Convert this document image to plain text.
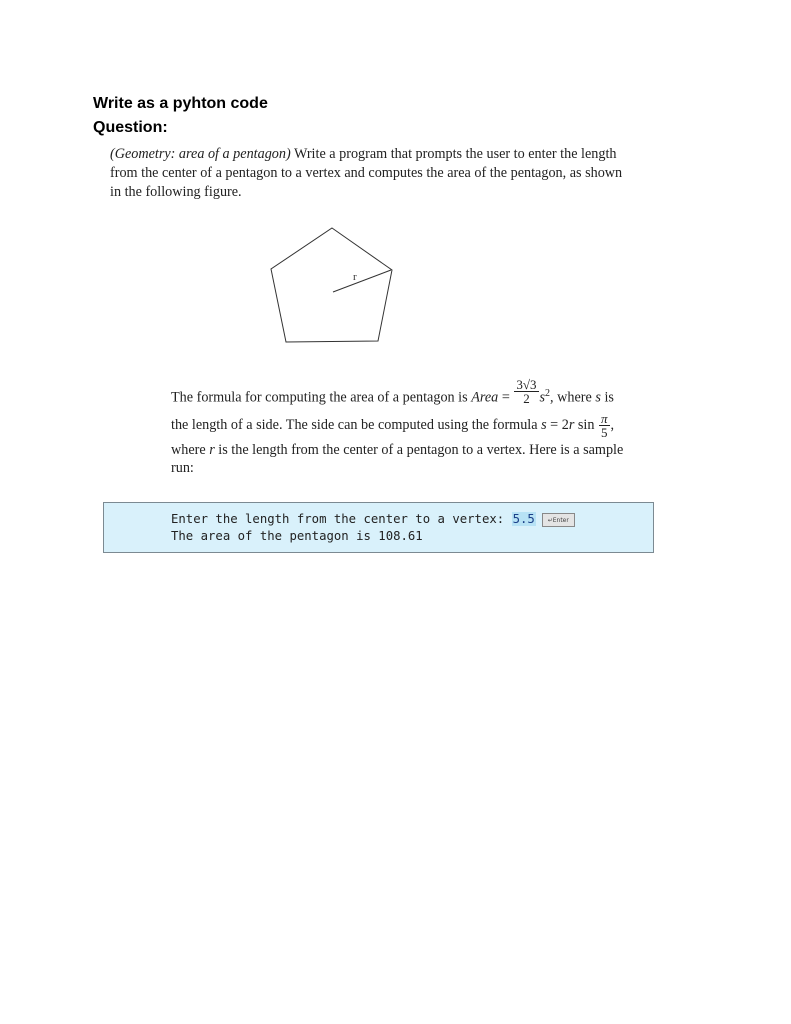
Write as a pyhton code
Question:
(Geometry: area of a pentagon) Write a program that prompts the user to enter the length from the center of a pentagon to a vertex and computes the area of the pentagon, as shown in the following figure.
r
The formula for computing the area of a pentagon is Area = $\frac{3√3}{2} s^2$, where s is
the length of a side. The side can be computed using the formula s = 2r $\sin \frac{\pi}{5}$ ,
where r is the length from the center of a pentagon to a vertex. Here is a sample
run:
Enter the length from the center to a vertex: 5.5 ↵Enter
The area of the pentagon is 108.61
